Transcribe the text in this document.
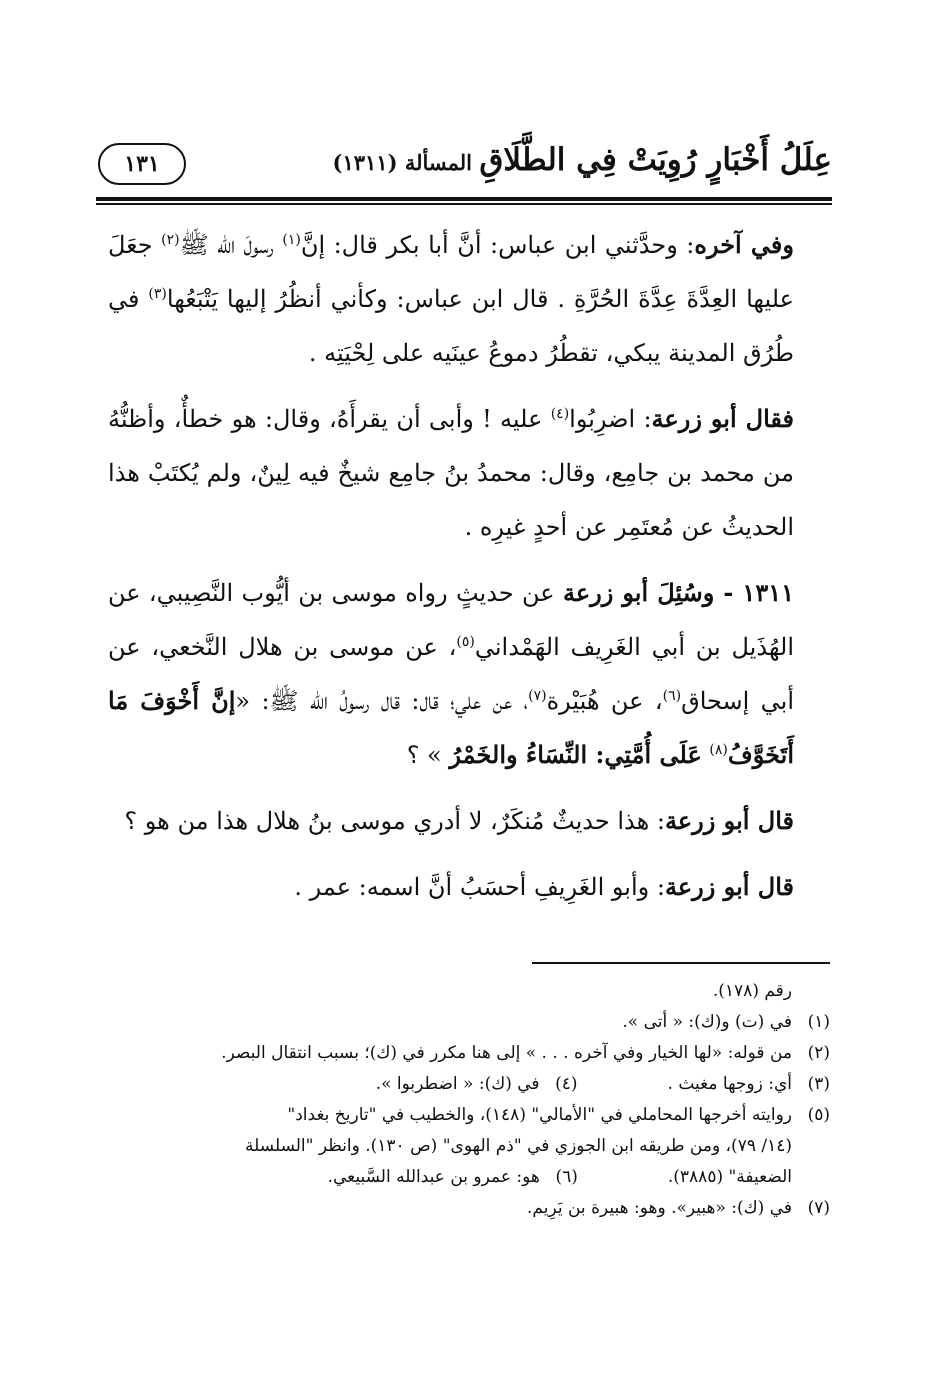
عِلَلُ أَخْبَارٍ رُوِيَتْ فِي الطَّلَاقِ
المسألة (١٣١١)
١٣١

وفي آخره: وحدَّثني ابن عباس: أنَّ أبا بكر قال: إنَّ$^{(١)}$ رسولَ الله ﷺ$^{(٢)}$ جعَلَ عليها العِدَّةَ عِدَّةَ الحُرَّةِ . قال ابن عباس: وكأني أنظُرُ إليها يَتْبَعُها$^{(٣)}$ في طُرُق المدينة يبكي، تقطُرُ دموعُ عينَيه على لِحْيَتِه .

فقال أبو زرعة: اضرِبُوا$^{(٤)}$ عليه ! وأبى أن يقرأَهُ، وقال: هو خطأٌ، وأظنُّهُ من محمد بن جامِع، وقال: محمدُ بنُ جامِع شيخٌ فيه لِينٌ، ولم يُكتَبْ هذا الحديثُ عن مُعتَمِر عن أحدٍ غيرِه .

١٣١١ - وسُئِلَ أبو زرعة عن حديثٍ رواه موسى بن أيُّوب النَّصِيبي، عن الهُذَيل بن أبي الغَرِيف الهَمْداني$^{(٥)}$، عن موسى بن هلال النَّخعي، عن أبي إسحاق$^{(٦)}$، عن هُبَيْرة$^{(٧)}$، عن علي؛ قال: قال رسولُ الله ﷺ: «إنَّ أَخْوَفَ مَا أَتَخَوَّفُ$^{(٨)}$ عَلَى أُمَّتِي: النِّسَاءُ والخَمْرُ » ؟

قال أبو زرعة: هذا حديثٌ مُنكَرٌ، لا أدري موسى بنُ هلال هذا من هو ؟

قال أبو زرعة: وأبو الغَرِيفِ أحسَبُ أنَّ اسمه: عمر .

رقم (١٧٨).
(١)في (ت) و(ك): « أتى ».
(٢)من قوله: «لها الخيار وفي آخره . . . » إلى هنا مكرر في (ك)؛ بسبب انتقال البصر.
(٣)أي: زوجها مغيث .(٤)في (ك): « اضطربوا ».
(٥)روايته أخرجها المحاملي في "الأمالي" (١٤٨)، والخطيب في "تاريخ بغداد"
(١٤/ ٧٩)، ومن طريقه ابن الجوزي في "ذم الهوى" (ص ١٣٠). وانظر "السلسلة
الضعيفة" (٣٨٨٥).(٦)هو: عمرو بن عبدالله السَّبيعي.
(٧)في (ك): «هبير». وهو: هبيرة بن يَرِيم.
